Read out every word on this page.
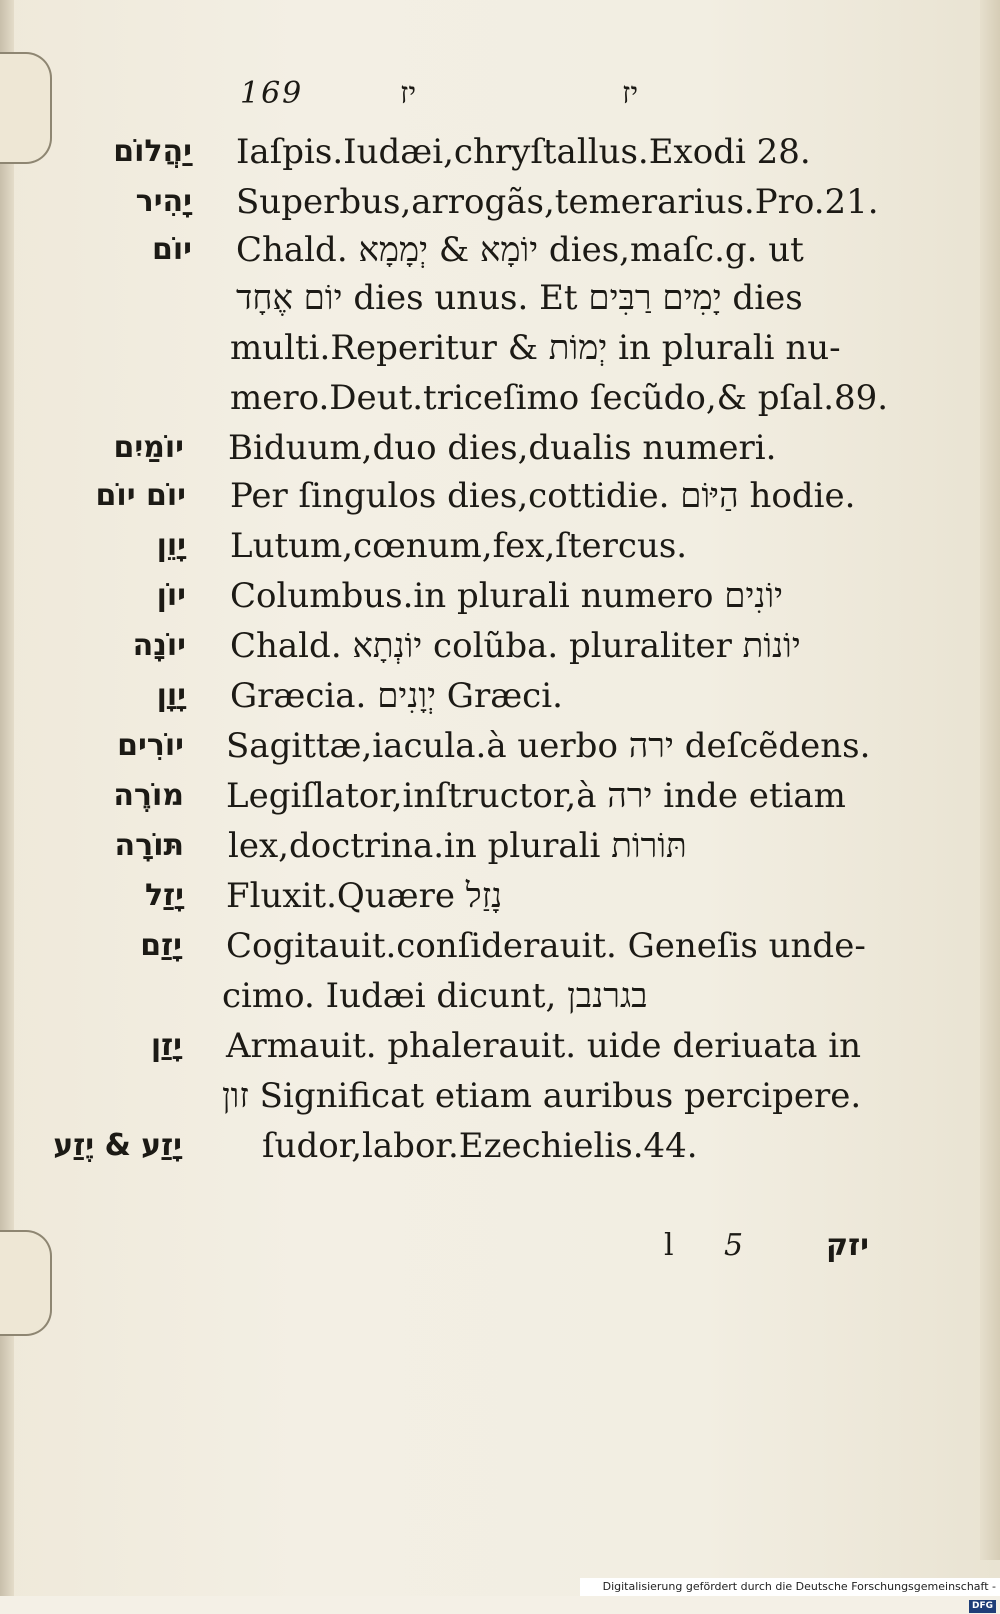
169	יז	יז
יַהֲלוֹם Iaſpis.Iudæi,chryſtallus.Exodi 28.
יָהִיר Superbus,arrogãs,temerarius.Pro.21.
יוֹם Chald. יוֹמָא & יְמָמָא dies,maſc.g. ut
יוֹם אֶחָד dies unus. Et יָמִים רַבִּים dies
multi.Reperitur & יְמוֹת in plurali nu-
mero.Deut.triceſimo ſecũdo,& pſal.89.
יוֹמַיִם Biduum,duo dies,dualis numeri.
יוֹם יוֹם Per ſingulos dies,cottidie. הַיּוֹם hodie.
יָוֵן Lutum,cœnum,fex,ſtercus.
יוֹן Columbus.in plurali numero יוֹנִים
יוֹנָה Chald. יוֹנְתָא colũba. pluraliter יוֹנוֹת
יָוָן Græcia. יְוָנִים Græci.
יוֹרִים Sagittæ,iacula.à uerbo ירה deſcẽdens.
מוֹרֶה Legiſlator,inſtructor,à ירה inde etiam
תּוֹרָה lex,doctrina.in plurali תּוֹרוֹת
יָזַל Fluxit.Quære נָזַל
יָזַם Cogitauit.conſiderauit. Geneſis unde-
cimo. Iudæi dicunt, בגרנבן
יָזַן Armauit. phalerauit. uide deriuata in
זון Significat etiam auribus percipere.
יָזַע & יֶזַע ſudor,labor.Ezechielis.44.
l 5	יזק
Digitalisierung gefördert durch die Deutsche Forschungsgemeinschaft -DFG
